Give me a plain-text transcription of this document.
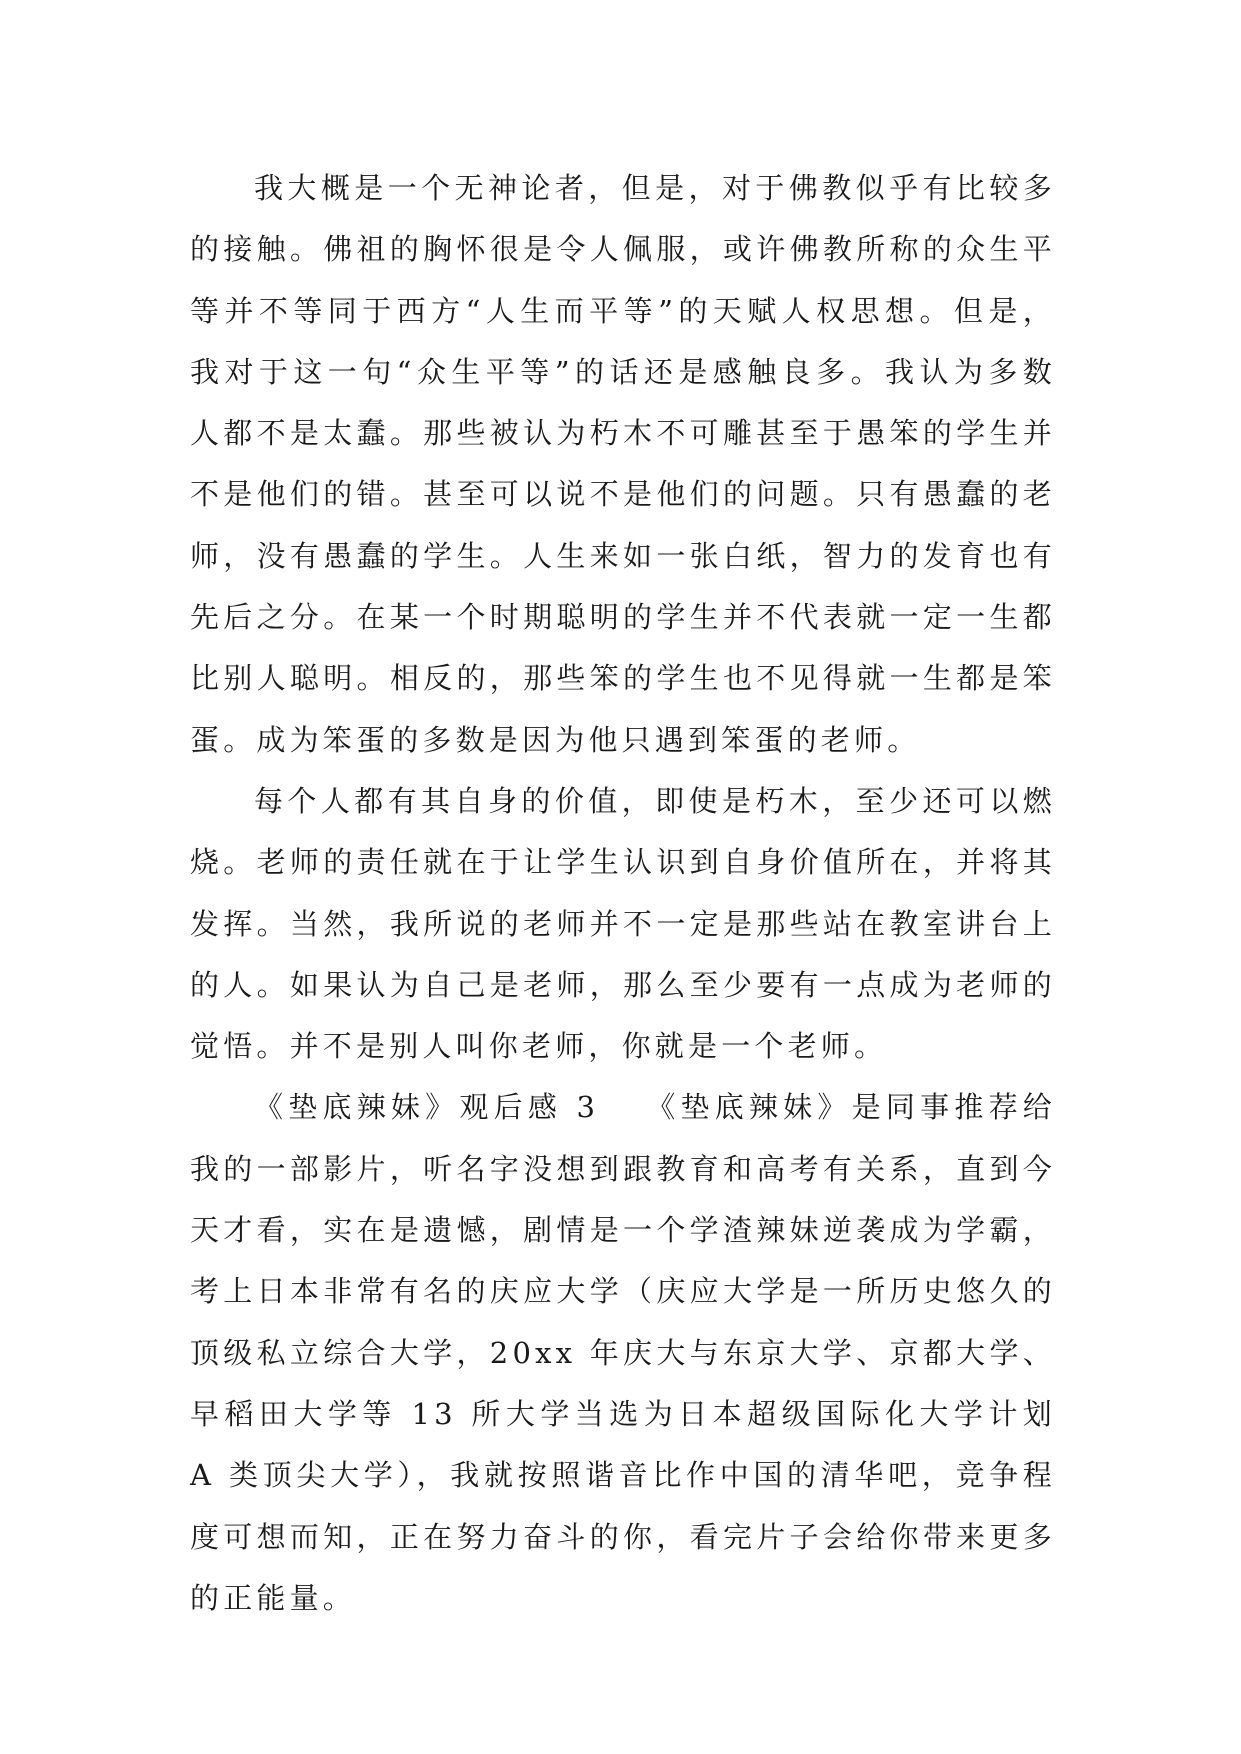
我大概是一个无神论者，但是，对于佛教似乎有比较多的接触。佛祖的胸怀很是令人佩服，或许佛教所称的众生平等并不等同于西方“人生而平等”的天赋人权思想。但是，我对于这一句“众生平等”的话还是感触良多。我认为多数人都不是太蠢。那些被认为朽木不可雕甚至于愚笨的学生并不是他们的错。甚至可以说不是他们的问题。只有愚蠢的老师，没有愚蠢的学生。人生来如一张白纸，智力的发育也有先后之分。在某一个时期聪明的学生并不代表就一定一生都比别人聪明。相反的，那些笨的学生也不见得就一生都是笨蛋。成为笨蛋的多数是因为他只遇到笨蛋的老师。

每个人都有其自身的价值，即使是朽木，至少还可以燃烧。老师的责任就在于让学生认识到自身价值所在，并将其发挥。当然，我所说的老师并不一定是那些站在教室讲台上的人。如果认为自己是老师，那么至少要有一点成为老师的觉悟。并不是别人叫你老师，你就是一个老师。

《垫底辣妹》观后感 3 《垫底辣妹》是同事推荐给我的一部影片，听名字没想到跟教育和高考有关系，直到今天才看，实在是遗憾，剧情是一个学渣辣妹逆袭成为学霸，考上日本非常有名的庆应大学（庆应大学是一所历史悠久的顶级私立综合大学，20xx 年庆大与东京大学、京都大学、早稻田大学等 13 所大学当选为日本超级国际化大学计划 A 类顶尖大学），我就按照谐音比作中国的清华吧，竞争程度可想而知，正在努力奋斗的你，看完片子会给你带来更多的正能量。
